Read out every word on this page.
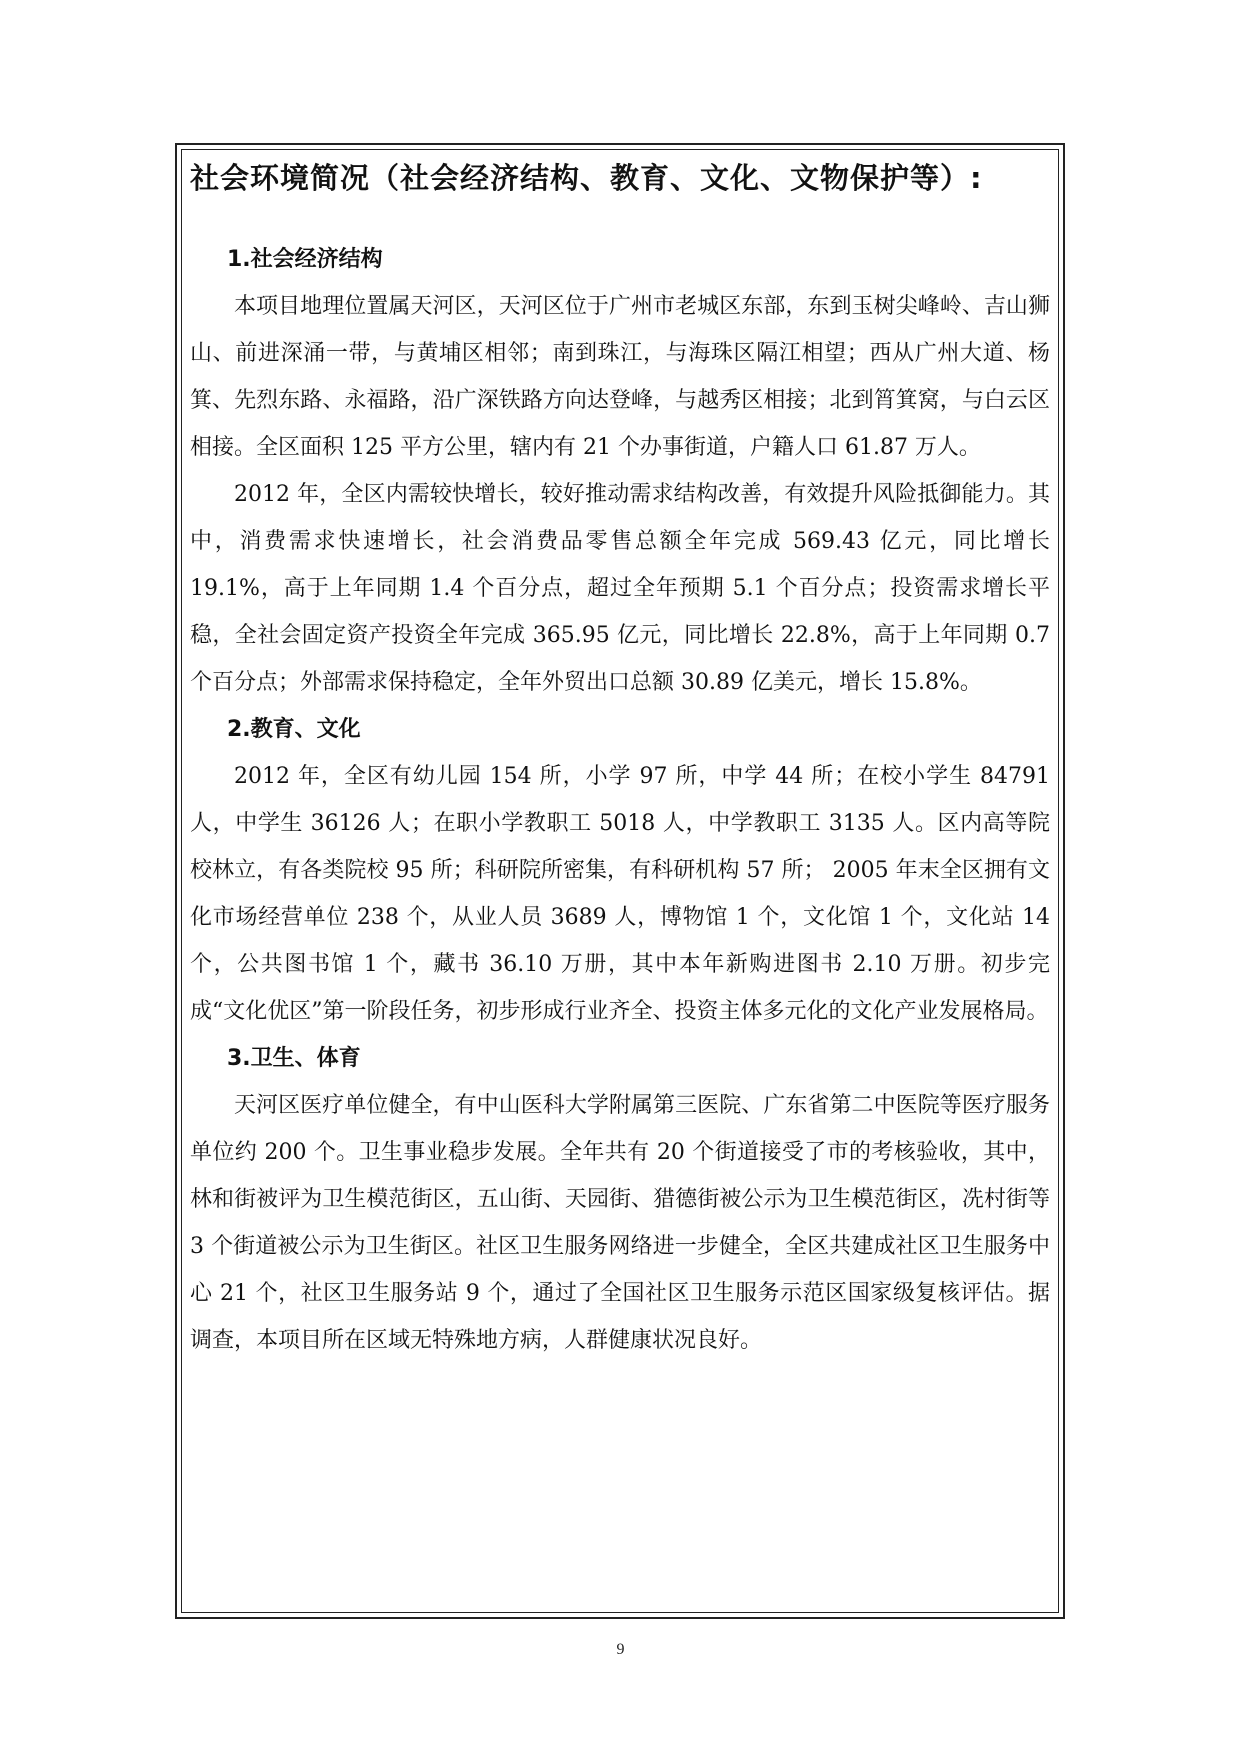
社会环境简况（社会经济结构、教育、文化、文物保护等）:
1.社会经济结构

本项目地理位置属天河区，天河区位于广州市老城区东部，东到玉树尖峰岭、吉山狮山、前进深涌一带，与黄埔区相邻；南到珠江，与海珠区隔江相望；西从广州大道、杨箕、先烈东路、永福路，沿广深铁路方向达登峰，与越秀区相接；北到筲箕窝，与白云区相接。全区面积 125 平方公里，辖内有 21 个办事街道，户籍人口 61.87 万人。

2012 年，全区内需较快增长，较好推动需求结构改善，有效提升风险抵御能力。其中，消费需求快速增长，社会消费品零售总额全年完成 569.43 亿元，同比增长 19.1%，高于上年同期 1.4 个百分点，超过全年预期 5.1 个百分点；投资需求增长平稳，全社会固定资产投资全年完成 365.95 亿元，同比增长 22.8%，高于上年同期 0.7 个百分点；外部需求保持稳定，全年外贸出口总额 30.89 亿美元，增长 15.8%。

2.教育、文化

2012 年，全区有幼儿园 154 所，小学 97 所，中学 44 所；在校小学生 84791 人，中学生 36126 人；在职小学教职工 5018 人，中学教职工 3135 人。区内高等院校林立，有各类院校 95 所；科研院所密集，有科研机构 57 所； 2005 年末全区拥有文化市场经营单位 238 个，从业人员 3689 人，博物馆 1 个，文化馆 1 个，文化站 14 个，公共图书馆 1 个，藏书 36.10 万册，其中本年新购进图书 2.10 万册。初步完成“文化优区”第一阶段任务，初步形成行业齐全、投资主体多元化的文化产业发展格局。

3.卫生、体育

天河区医疗单位健全，有中山医科大学附属第三医院、广东省第二中医院等医疗服务单位约 200 个。卫生事业稳步发展。全年共有 20 个街道接受了市的考核验收，其中，林和街被评为卫生模范街区，五山街、天园街、猎德街被公示为卫生模范街区，冼村街等 3 个街道被公示为卫生街区。社区卫生服务网络进一步健全，全区共建成社区卫生服务中心 21 个，社区卫生服务站 9 个，通过了全国社区卫生服务示范区国家级复核评估。据调查，本项目所在区域无特殊地方病，人群健康状况良好。

9
